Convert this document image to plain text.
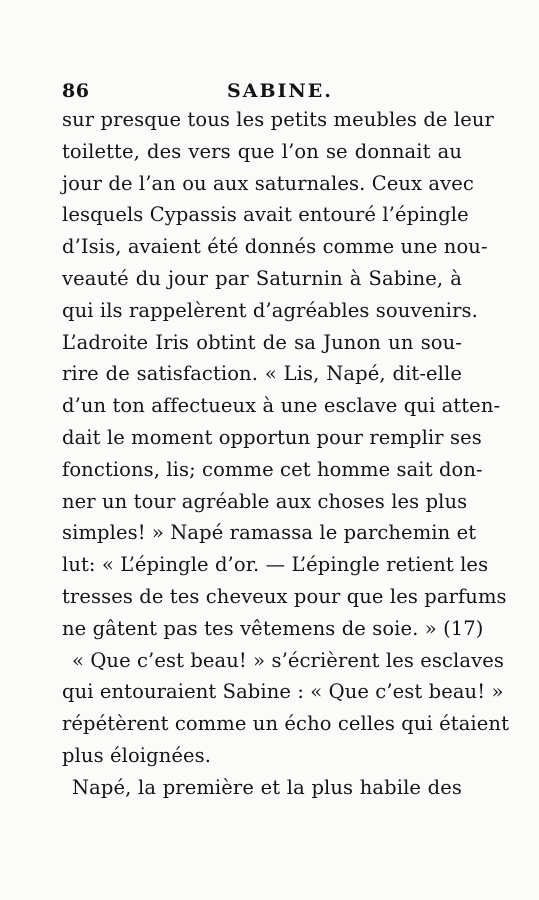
86	SABINE.
sur presque tous les petits meubles de leur
toilette, des vers que l’on se donnait au
jour de l’an ou aux saturnales. Ceux avec
lesquels Cypassis avait entouré l’épingle
d’Isis, avaient été donnés comme une nou-
veauté du jour par Saturnin à Sabine, à
qui ils rappelèrent d’agréables souvenirs.
L’adroite Iris obtint de sa Junon un sou-
rire de satisfaction. « Lis, Napé, dit-elle
d’un ton affectueux à une esclave qui atten-
dait le moment opportun pour remplir ses
fonctions, lis; comme cet homme sait don-
ner un tour agréable aux choses les plus
simples! » Napé ramassa le parchemin et
lut: « L’épingle d’or. — L’épingle retient les
tresses de tes cheveux pour que les parfums
ne gâtent pas tes vêtemens de soie. » (17)
« Que c’est beau! » s’écrièrent les esclaves
qui entouraient Sabine : « Que c’est beau! »
répétèrent comme un écho celles qui étaient
plus éloignées.
Napé, la première et la plus habile des
